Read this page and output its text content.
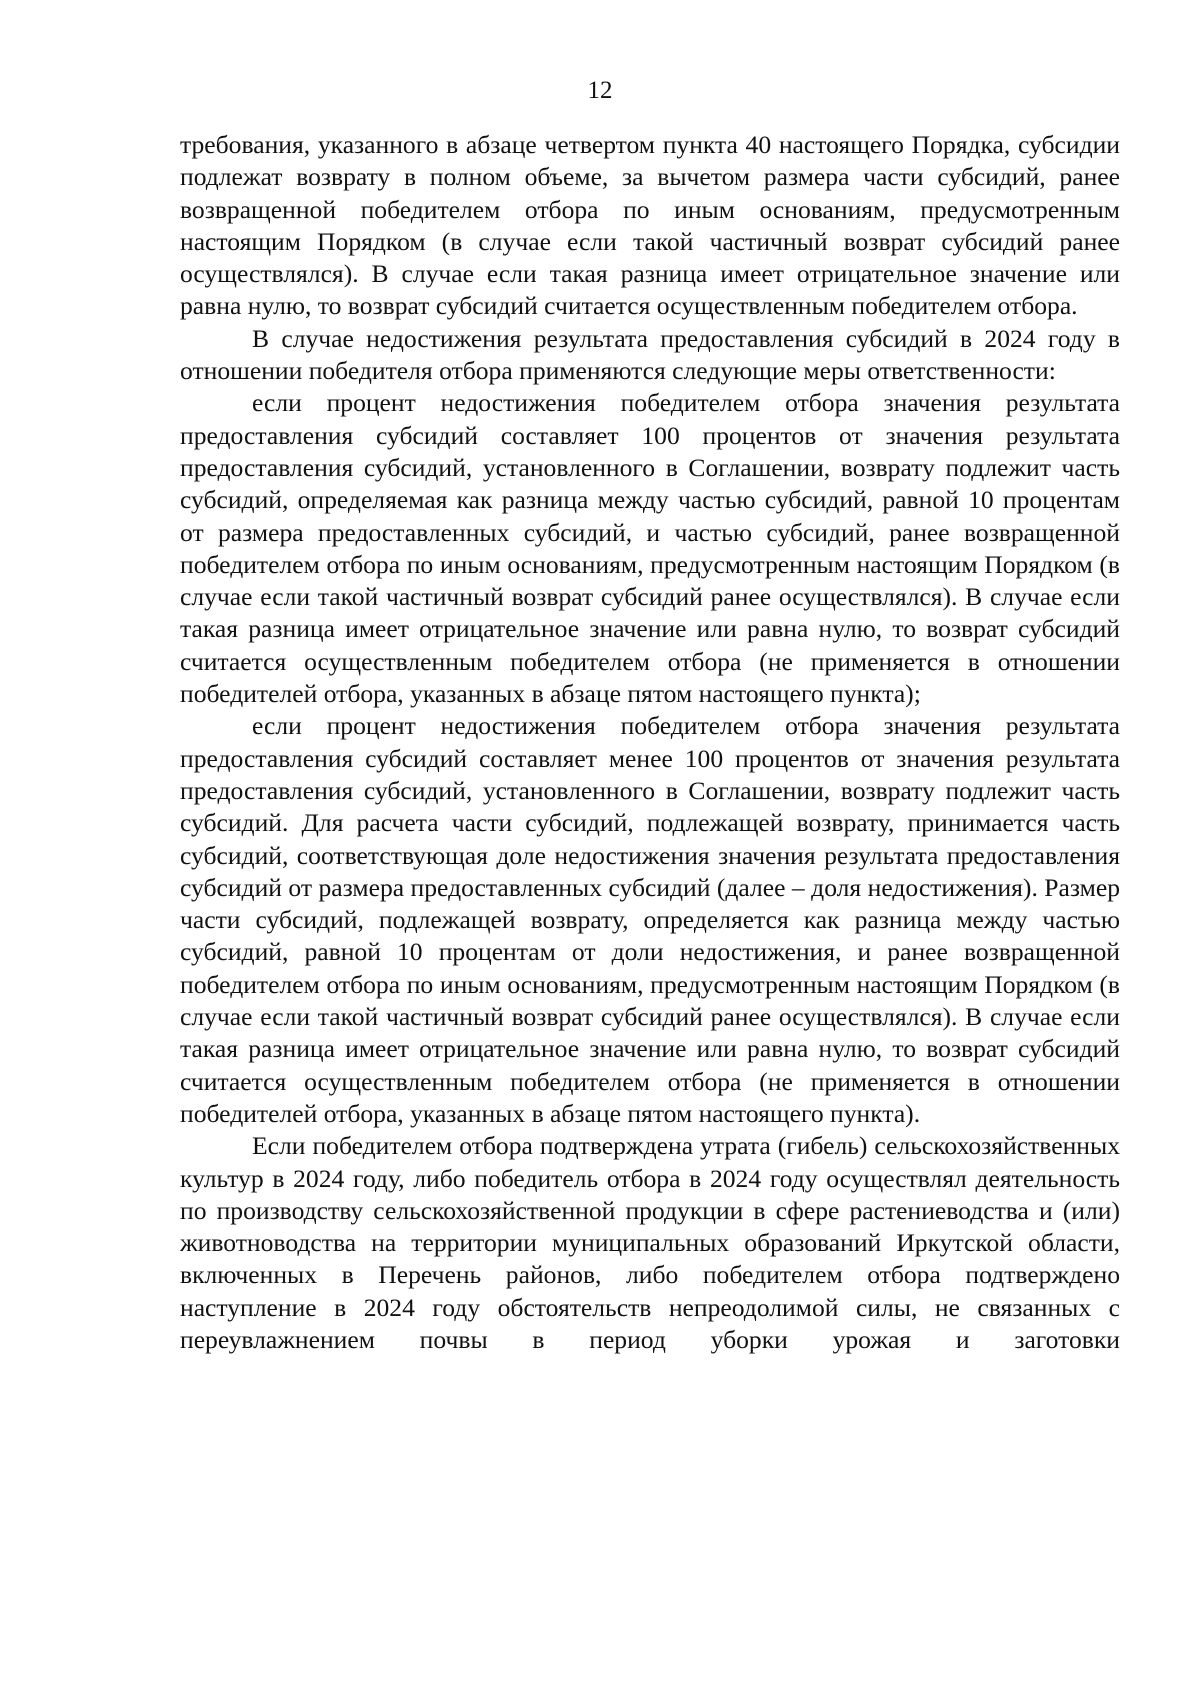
12

требования, указанного в абзаце четвертом пункта 40 настоящего Порядка, субсидии подлежат возврату в полном объеме, за вычетом размера части субсидий, ранее возвращенной победителем отбора по иным основаниям, предусмотренным настоящим Порядком (в случае если такой частичный возврат субсидий ранее осуществлялся). В случае если такая разница имеет отрицательное значение или равна нулю, то возврат субсидий считается осуществленным победителем отбора.

В случае недостижения результата предоставления субсидий в 2024 году в отношении победителя отбора применяются следующие меры ответственности:

если процент недостижения победителем отбора значения результата предоставления субсидий составляет 100 процентов от значения результата предоставления субсидий, установленного в Соглашении, возврату подлежит часть субсидий, определяемая как разница между частью субсидий, равной 10 процентам от размера предоставленных субсидий, и частью субсидий, ранее возвращенной победителем отбора по иным основаниям, предусмотренным настоящим Порядком (в случае если такой частичный возврат субсидий ранее осуществлялся). В случае если такая разница имеет отрицательное значение или равна нулю, то возврат субсидий считается осуществленным победителем отбора (не применяется в отношении победителей отбора, указанных в абзаце пятом настоящего пункта);

если процент недостижения победителем отбора значения результата предоставления субсидий составляет менее 100 процентов от значения результата предоставления субсидий, установленного в Соглашении, возврату подлежит часть субсидий. Для расчета части субсидий, подлежащей возврату, принимается часть субсидий, соответствующая доле недостижения значения результата предоставления субсидий от размера предоставленных субсидий (далее – доля недостижения). Размер части субсидий, подлежащей возврату, определяется как разница между частью субсидий, равной 10 процентам от доли недостижения, и ранее возвращенной победителем отбора по иным основаниям, предусмотренным настоящим Порядком (в случае если такой частичный возврат субсидий ранее осуществлялся). В случае если такая разница имеет отрицательное значение или равна нулю, то возврат субсидий считается осуществленным победителем отбора (не применяется в отношении победителей отбора, указанных в абзаце пятом настоящего пункта).

Если победителем отбора подтверждена утрата (гибель) сельскохозяйственных культур в 2024 году, либо победитель отбора в 2024 году осуществлял деятельность по производству сельскохозяйственной продукции в сфере растениеводства и (или) животноводства на территории муниципальных образований Иркутской области, включенных в Перечень районов, либо победителем отбора подтверждено наступление в 2024 году обстоятельств непреодолимой силы, не связанных с переувлажнением почвы в период уборки урожая и заготовки
